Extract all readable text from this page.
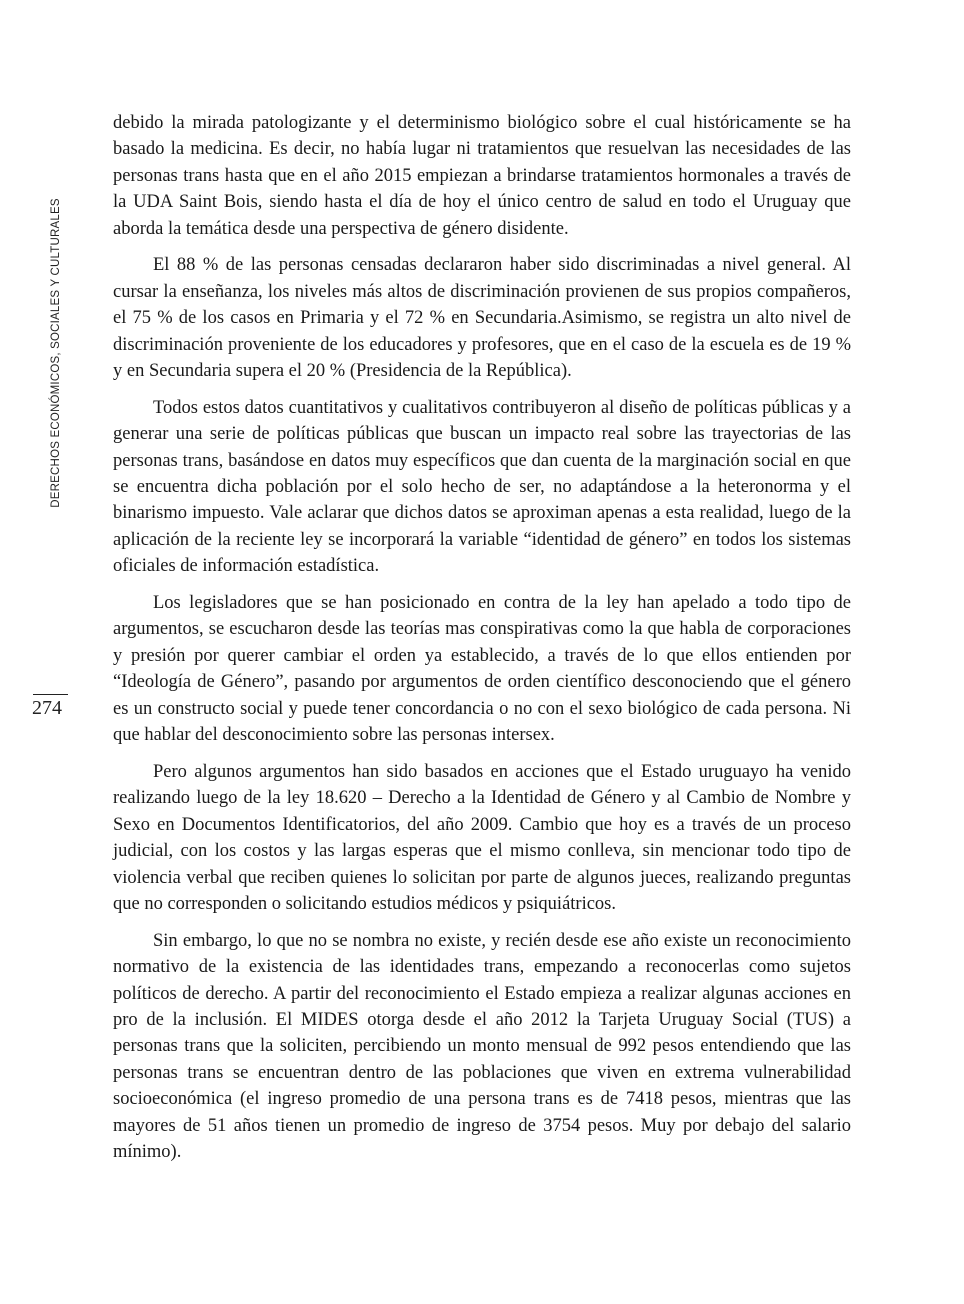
DERECHOS ECONÓMICOS, SOCIALES Y CULTURALES
274

debido la mirada patologizante y el determinismo biológico sobre el cual históricamente se ha basado la medicina. Es decir, no había lugar ni tratamientos que resuelvan las necesidades de las personas trans hasta que en el año 2015 empiezan a brindarse tratamientos hormonales a través de la UDA Saint Bois, siendo hasta el día de hoy el único centro de salud en todo el Uruguay que aborda la temática desde una perspectiva de género disidente.

El 88 % de las personas censadas declararon haber sido discriminadas a nivel general. Al cursar la enseñanza, los niveles más altos de discriminación provienen de sus propios compañeros, el 75 % de los casos en Primaria y el 72 % en Secundaria.Asimismo, se registra un alto nivel de discriminación proveniente de los educadores y profesores, que en el caso de la escuela es de 19 % y en Secundaria supera el 20 % (Presidencia de la República).

Todos estos datos cuantitativos y cualitativos contribuyeron al diseño de políticas públicas y a generar una serie de políticas públicas que buscan un impacto real sobre las trayectorias de las personas trans, basándose en datos muy específicos que dan cuenta de la marginación social en que se encuentra dicha población por el solo hecho de ser, no adaptándose a la heteronorma y el binarismo impuesto. Vale aclarar que dichos datos se aproximan apenas a esta realidad, luego de la aplicación de la reciente ley se incorporará la variable “identidad de género” en todos los sistemas oficiales de información estadística.

Los legisladores que se han posicionado en contra de la ley han apelado a todo tipo de argumentos, se escucharon desde las teorías mas conspirativas como la que habla de corporaciones y presión por querer cambiar el orden ya establecido, a través de lo que ellos entienden por “Ideología de Género”, pasando por argumentos de orden científico desconociendo que el género es un constructo social y puede tener concordancia o no con el sexo biológico de cada persona. Ni que hablar del desconocimiento sobre las personas intersex.

Pero algunos argumentos han sido basados en acciones que el Estado uruguayo ha venido realizando luego de la ley 18.620 – Derecho a la Identidad de Género y al Cambio de Nombre y Sexo en Documentos Identificatorios, del año 2009. Cambio que hoy es a través de un proceso judicial, con los costos y las largas esperas que el mismo conlleva, sin mencionar todo tipo de violencia verbal que reciben quienes lo solicitan por parte de algunos jueces, realizando preguntas que no corresponden o solicitando estudios médicos y psiquiátricos.

Sin embargo, lo que no se nombra no existe, y recién desde ese año existe un reconocimiento normativo de la existencia de las identidades trans, empezando a reconocerlas como sujetos políticos de derecho. A partir del reconocimiento el Estado empieza a realizar algunas acciones en pro de la inclusión. El MIDES otorga desde el año 2012 la Tarjeta Uruguay Social (TUS) a personas trans que la soliciten, percibiendo un monto mensual de 992 pesos entendiendo que las personas trans se encuentran dentro de las poblaciones que viven en extrema vulnerabilidad socioeconómica (el ingreso promedio de una persona trans es de 7418 pesos, mientras que las mayores de 51 años tienen un promedio de ingreso de 3754 pesos. Muy por debajo del salario mínimo).
